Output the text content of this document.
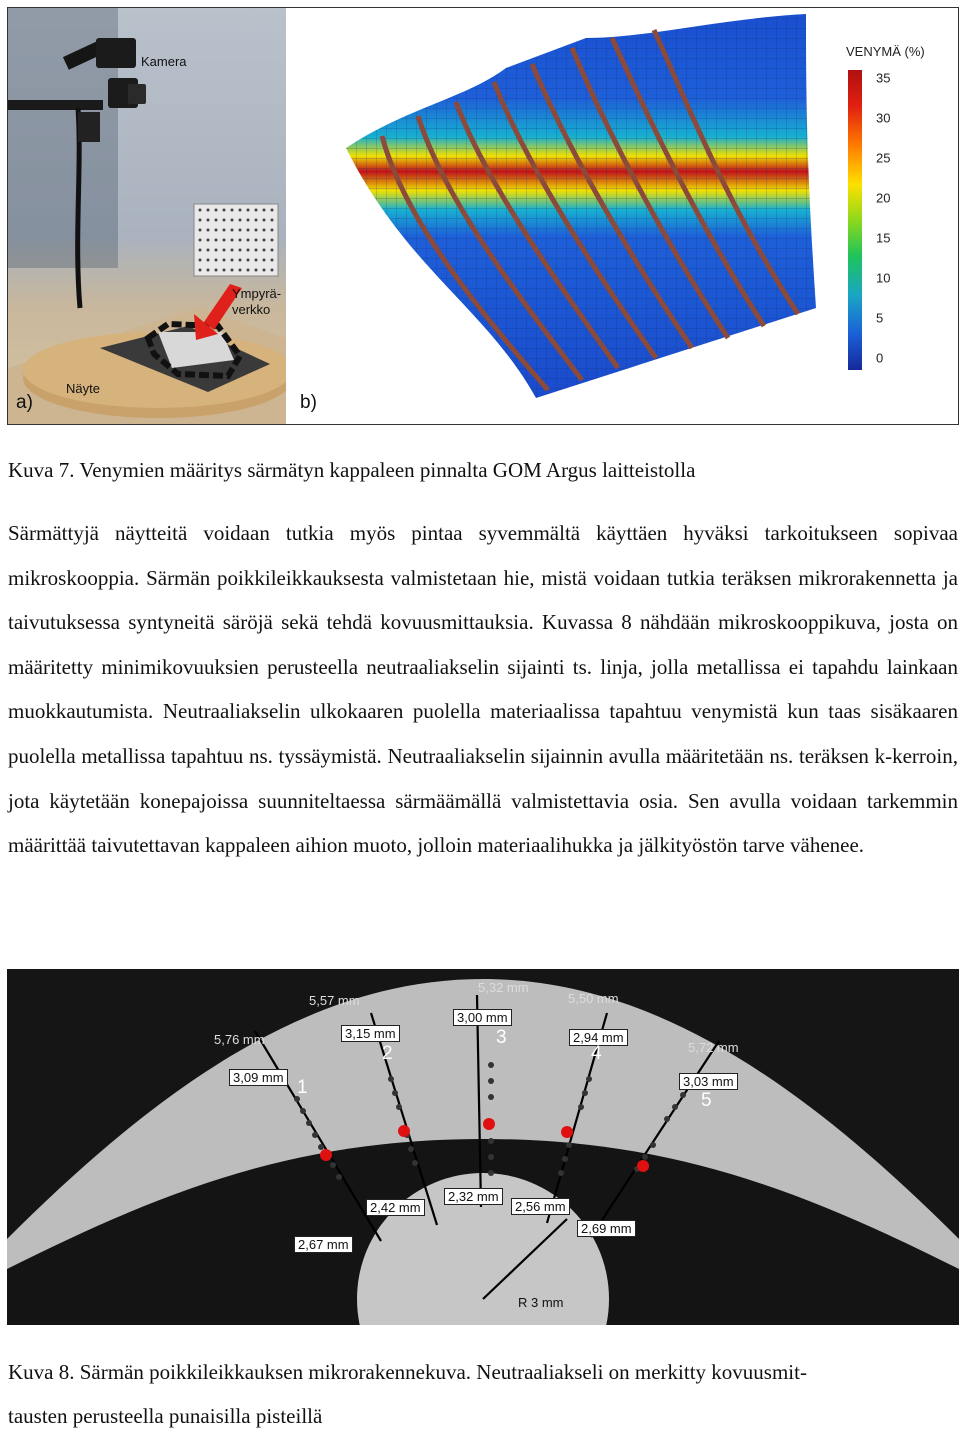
Kamera
Ympyrä-
verkko
Näyte
a)
VENYMÄ (%)
35
30
25
20
15
10
5
0
b)
Kuva 7. Venymien määritys särmätyn kappaleen pinnalta GOM Argus laitteistolla

Särmättyjä näytteitä voidaan tutkia myös pintaa syvemmältä käyttäen hyväksi tarkoitukseen sopivaa mikroskooppia. Särmän poikkileikkauksesta valmistetaan hie, mistä voidaan tutkia teräksen mikrorakennetta ja taivutuksessa syntyneitä säröjä sekä tehdä kovuusmittauksia. Kuvassa 8 nähdään mikroskooppikuva, josta on määritetty minimikovuuksien perusteella neutraaliakselin sijainti ts. linja, jolla metallissa ei tapahdu lainkaan muokkautumista. Neutraaliakselin ulkokaaren puolella materiaalissa tapahtuu venymistä kun taas sisäkaaren puolella metallissa tapahtuu ns. tyssäymistä. Neutraaliakselin sijainnin avulla määritetään ns. teräksen k-kerroin, jota käytetään konepajoissa suunniteltaessa särmäämällä valmistettavia osia. Sen avulla voidaan tarkemmin määrittää taivutettavan kappaleen aihion muoto, jolloin materiaalihukka ja jälkityöstön tarve vähenee.

5,76 mm
5,57 mm
5,32 mm
5,50 mm
5,72 mm
3,09 mm
3,15 mm
3,00 mm
2,94 mm
3,03 mm
2,67 mm
2,42 mm
2,32 mm
2,56 mm
2,69 mm
1
2
3
4
5
R 3 mm
Kuva 8. Särmän poikkileikkauksen mikrorakennekuva. Neutraaliakseli on merkitty kovuusmit-
tausten perusteella punaisilla pisteillä
